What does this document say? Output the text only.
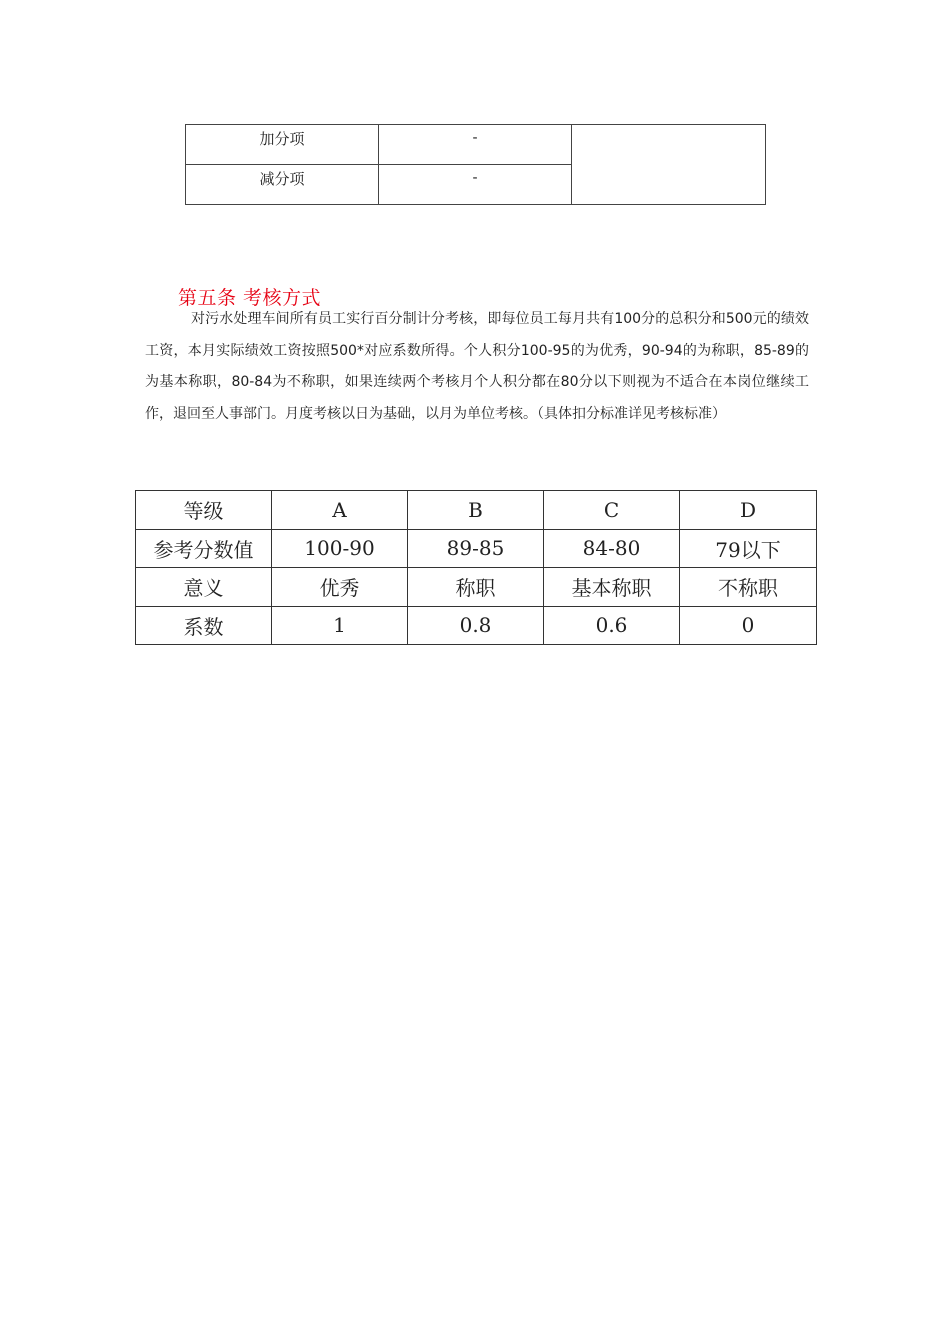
加分项	-	
减分项	-	
第五条 考核方式
对污水处理车间所有员工实行百分制计分考核，即每位员工每月共有100分的总积分和500元的绩效工资，本月实际绩效工资按照500*对应系数所得。个人积分100-95的为优秀，90-94的为称职，85-89的为基本称职，80-84为不称职，如果连续两个考核月个人积分都在80分以下则视为不适合在本岗位继续工作，退回至人事部门。月度考核以日为基础，以月为单位考核。（具体扣分标准详见考核标准）
等级	A	B	C	D
参考分数值	100-90	89-85	84-80	79以下
意义	优秀	称职	基本称职	不称职
系数	1	0.8	0.6	0
